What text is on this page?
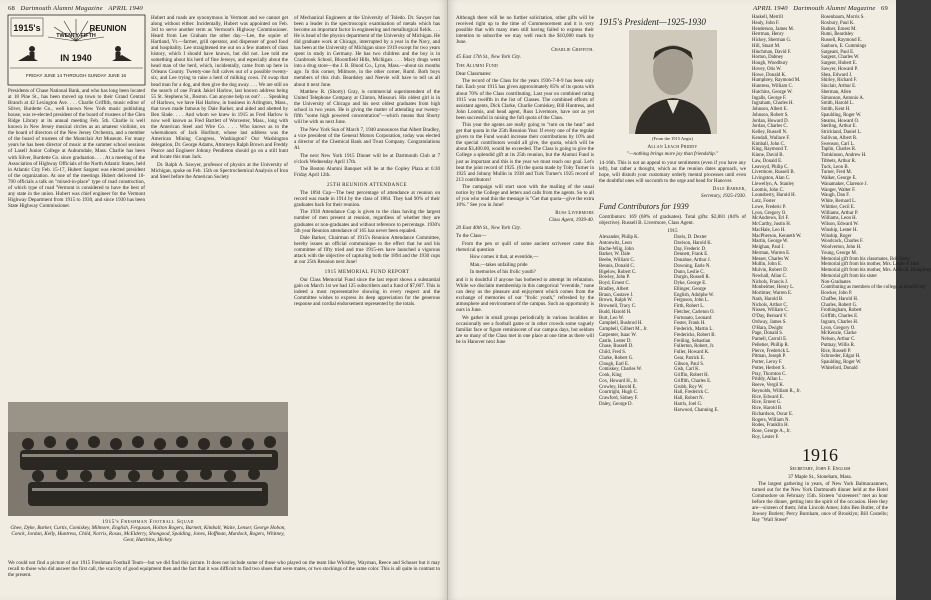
68 Dartmouth Alumni Magazine APRIL 1940
1915's
TWENTY-FIFTH
REUNION
IN 1940
FRIDAY JUNE 14 THROUGH SUNDAY JUNE 16

Presidents of Chase National Bank, and who has long been located at 18 Pine St., has been moved up town to their Grand Central Branch at 42 Lexington Ave. . . . Charlie Griffith, music editor of Silver, Burdette Co., well known New York music publishing house, was re-elected president of the board of trustees of the Glen Ridge Library at its annual meeting Feb. 5th. Charlie is well known in New Jersey musical circles as an amateur violinist, on the board of directors of the New Jersey Orchestra, and a member of the board of trustees of the Montclair Art Museum. For many years he has been director of music at the summer school sessions of Lasell Junior College at Auburndale, Mass. Charlie has been with Silver, Burdette Co. since graduation. . . . At a meeting of the Association of Highway Officials of the North Atlantic States, held in Atlantic City Feb. 15-17, Hubert Sargent was elected president of the organization. At one of the meetings Hubert delivered 10-700 officials a talk on "mixed-in-place" type of road construction, of which type of road 'Vermont is considered to have the best of any state in the union. Hubert was chief engineer for the Vermont Highway Department from 1915 to 1930, and since 1930 has been State Highway Commissioner.

Hubert and roads are synonymous in Vermont and we cannot get along without either. Incidentally, Hubert was appointed on Feb. 3rd to serve another term as Vermont's Highway Commissioner. Heard from Lee Graham the other day.—Lee, the squire of Hartland, Vt.—farmer, grill operator, and dispenser of good food and hospitality. Lee straightened me out on a few matters of class history, which I should have known, but did not. Lee told me something about his herd of fine Jerseys, and especially about the head man of the herd, which, incidentally, came from up here in Orleans County. Twenty-one full calves out of a possible twenty-six, and Lee trying to raise a herd of milking cows. I'd swap that head man for a dog, and then give the dog away. . . . We are still on the search of one Frank Jakiel Harlow, last known address being 55 St. Stephens St., Boston. Can anyone help us out? . . . Speaking of Harlows, we have Hal Harlow, in business in Arlington, Mass., that town made famous by Dale Barker, and aided and abetted by Ben Slade. . . . And whom we knew in 1915 as Fred Harlow is now well known as Fred Bartlett of Worcester, Mass., long with the American Steel and Wire Co. . . . Who knows as to the whereabouts of Jack Hurlburt, whose last address was the American Mining Congress, Washington? Our Washington delegation, Dr. George Adams, Attorneys Ralph Brown and Freddy Pearce and Engineer Johnny Pendleton should go on a still hunt and locate this man Jack.

Dr. Ralph A. Sawyer, professor of physics at the University of Michigan, spoke on Feb. 15th on Spectrochemical Analysis of Iron and Steel before the American Society

of Mechanical Engineers at the University of Toledo. Dr. Sawyer has been a leader in the spectroscopic examination of metals which has become an important factor in engineering and metallurgical fields. . . . He is head of the physics department of the University of Michigan. He did graduate work at Chicago, interrupted by a year in the Navy, and has been at the University of Michigan since 1919 except for two years spent in study in Germany. He has two children and the boy is in Cranbrook School, Bloomfield Hills, Michigan. . . . Macy drugs went into a drug store—the J. B. Blood Co., Lynn, Mass.—about six months ago. In this corner, Milmore, in the other corner, Ruml. Both boys members of this club. Beardsley and Neevie will have to tell us all about it next June.

Matthew R. (Shorty) Gray, is commercial superintendent of the United Telephone Company at Clinton, Missouri. His oldest girl is in the University of Chicago and his next oldest graduates from high school in two years. He is giving the matter of attending our twenty-fifth "some high powered concentration"—which means that Shorty will be with us next June.

The New York Sun of March 7, 1940 announces that Albert Bradley, a vice president of the General Motors Corporation, today was elected a director of the Chemical Bank and Trust Company. Congratulations Al.

The next New York 1915 Dinner will be at Dartmouth Club at 7 o'clock Wednesday April 17th.

The Boston Alumni Banquet will be at the Copley Plaza at 6:30 Friday April 12th.

25TH REUNION ATTENDANCE

The 1894 Cup—The best percentage of attendance at reunion on record was made in 1914 by the class of 1864. They had 90% of their graduates back for their reunion.

The 1930 Attendance Cup is given to the class having the largest number of men present at reunion, regardless of whether they are graduates or non-graduates and without reference to percentage. 1930's 5th year Reunion attendance of 165 has never been equaled.

Dale Barker, Chairman of 1915's Reunion Attendance Committee, hereby issues an official communique to the effect that he and his committee of fifty tried and true 1915-ers have launched a vigorous attack with the objective of capturing both the 1894 and the 1930 cups at our 25th Reunion next June!

1915 MEMORIAL FUND REPORT

Our Class Memorial Fund since the last report shows a substantial gain on March 1st we had 125 subscribers and a fund of $7,607. This is indeed a most representative showing in every respect and the Committee wishes to express its deep appreciation for the generous response and cordial endorsement represented by the totals.

1915's Freshman Football Squad
Ghee, Dyke, Barker, Curtis, Comiskey, Milmore, English, Ferguson, Holton Rogers, Burnett, Kimball, Waite, Lenser, George Hobon, Conck, Jordan, Kelly, Huntress, Child, Norris, Rosas, McElderry, Shongood, Spalding, Jones, Hoffman, Murdock, Rogers, Whitney, Gear, Hutchins, Hickey.
We could not find a picture of our 1915 Freshman Football Team—but we did find this picture. It does not include some of those who played on the team like Whistley, Wayman, Reece and Schuser but it may recall to those who did answer the first call, the scarcity of good equipment then and the fact that it was difficult to find two shoes that were mates, or two stockings of the same color. This is all quite in contrast to the present.
APRIL 1940 Dartmouth Alumni Magazine 69

Although there will be no further solicitation, other gifts will be received right up to the time of Commencement and it is very possible that with many men still having failed to express their intention to subscribe we may well reach the $10,000 mark by June.

Charlie Griffith.

45 East 17th St., New York City.

The Alumni Fund

Dear Classmates:

The record of the Class for the years 1936-7-8-9 has been only fair. Each year 1915 has given approximately 85% of its quota with about 70% of the Class contributing. Last year on combined rating 1915 was twelfth in the list of Classes. The combined efforts of assistant agents, Dick Clarke, Charlie Comiskey, Bill Huntress, and John Loomis, and head agent, Russ Livermore, have not as yet been successful in raising the full quota of the Class.

This year the agents are really going to "turn on the heat" and get that quota in the 25th Reunion Year. If every one of the regular givers to the Fund would increase their contributions by 10% and the special contributors would all give, the quota, which will be about $3,400.00, would be exceeded. The Class is going to give the College a splendid gift at its 25th reunion, but the Alumni Fund is just as important and this is the year we must reach our goal. Let's beat the joint record of 1925. (6) the quota made by Toby Turner in 1925 and Johnny Mullin in 1938 and Turk Turner's 1925 record of 213 contributors!

The campaign will start soon with the mailing of the usual notice by the College and letters and calls from the agents. So to all of you who read this the message is "Get that quota—give the extra 10%." See you in June!

Russ Livermore

Class Agent, 1939-40.

20 East 40th St., New York City.

To the Class—

From the pen or quill of some ancient scrivener came this rhetorical question

How comes it that, at eventide,—

Man,—takes unfailing pride

In memories of his frolic youth?

and it is doubtful if anyone has bothered to attempt its refutation. While we disclaim membership in this categorical "eventide," none can deny us the pleasure and enjoyment which comes from the exchange of memories of our "frolic youth," refreshed by the atmosphere and environment of the campus. Such an opportunity is ours in June.

We gather in small groups periodically in various localities or occasionally see a football game or in other crowds some vaguely familiar face or figure reminiscent of our campus days, but seldom are so many of the Class met in one place at one time as there will be in Hanover next June

1915's President—1925-1930

(From the 1915 Aegis)

Allan Leach Priddy

"—nothing brings more joy than friendship."

14-16th. This is not an appeal to your sentiments (even if you have any left), but rather a thought, which as the reunion dates approach, we hope, will disturb your customary orderly mental processes until even the doubtful ones will succumb to the urge and head for Hanover.

Dale Barker,

Secretary, 1925-1930.

Fund Contributors for 1939

Contributors: 169 (68% of graduates). Total gifts: $2,881 (84% of objective). Russell B. Livermore, Class Agent.

1915

Alexander, Philip K.
Antonwitz, Leon
Bache-Wiig, John
Barker, W. Dale
Beebe, William C.
Bennis, Donald C.
Bigelow, Robert C.
Bowley, John P.
Boyd, Ernest C.
Bradley, Albert
Braun, Gustave J.
Brown, Ralph W.
Brownell, Tracy C.
Budd, Harold H.
Burt, Leo W.
Campbell, Bushrod H.
Campbell, Gilbert M., Jr.
Carpenter, Isaac W.
Castle, Lester D.
Chase, Russell D.
Child, Fred S.
Clarke, Robert G.
Clough, Earl E.
Comiskey, Charles W.
Cook, King
Cox, Howard H., Jr.
Crowley, Harold E.
Courtright, Hugh C.
Crawford, Sidney F.
Daley, George D.
Davis, D. Dexter
Davison, Harold K.
Day, Frederic D.
Dennett, Frank E.
Donahue, Arthur J.
Downing, Earle N.
Dunn, Leslie C.
Durgin, Russell R.
Dyke, George E.
Ellinger, George
English, Adolphe W.
Ferguson, John L.
Firth, Robert L.
Fletcher, Carleton O.
Fortunato, Leonard
Foster, Frank H.
Frederick, Martin L.
Fredericks, Robert B.
Freiling, Sebastian
Fullerton, Robert, Jr.
Fuller, Howard K.
Gear, Patrick E.
Gibson, Paul S.
Gish, Carl K.
Griffin, Robert H.
Griffith, Charles E.
Grubb, Roy W.
Hall, Frederick C.
Hall, Robert N.
Harris, Joel G.
Harwood, Channing E.
Haskell, Merrill
Healy, John F.
Henderson, James M.
Herrman, Henry
Hickey, Sherman G.
Hill, Stuart M.
Hinchman, David F.
Horton, Dabney
Hough, Woodbury
Hovey, Otis W.
Howe, Donald K.
Humphrey, Raymond M.
Huntress, William C.
Hutchins, George W.
Ingalls, George F.
Ingraham, Charles H.
Johnson, Albert E.
Johnson, Robert S.
Jordan, Howard D.
Jordan, Charles C.
Kelley, Russell N.
Kendall, Wallace F.
Kimball, John C.
King, Raymond T.
Kinne, David B.
Law, Donald E.
Leavoyd, Philip C.
Livermore, Russell B.
Livingston, Alan C.
Llewellyn, A. Stanley
Loomis, John C.
Lounsberry, Harold H.
Lutz, Foster
Lowe, Frederic P.
Lyon, Gregory O.
McAndrews, Erl F.
McCarthy, Justin H.
MacHale, Leo H.
MacPherson, Kenneth W.
Martin, George W.
Meighan, Paul J.
Merman, Warren E.
Messer, Charles W.
Mullin, John E.
Mulvin, Robert D.
Newhall, Allan C.
Nichols, Francis J.
Monheimer, Henry L.
Mortimer, Warren E.
Nash, Harold B.
Nichols, Arthur C.
Nissen, William C.
O'Day, Bernard V.
Ordway, James S.
O'Hara, Dwight
Page, Donald S.
Parnell, Carroll E.
Pelletier, Phillip R.
Pierce, Frederick L.
Pitman, Joseph P.
Porter, Leroy F.
Potter, Herbert S.
Pray, Thornton C.
Priddy, Allan L.
Reeve, Vergil K.
Reynolds, William R., Jr.
Rice, Edward E.
Rice, Ernest G.
Rice, Harold B.
Richardson, Oscar E.
Rogers, William N.
Rodes, Franklin H.
Rose, George A., Jr.
Roy, Lester F.
Rosenbaum, Morris S.
Roxbury, Paul K.
Rudner, Ernest M.
Rumi, Beardsley
Russell, Raymond E.
Sanborn, E. Cummings
Sargeant, Paul E.
Sargent, Charles W.
Sargent, Hubert E.
Sawyer, Howard P.
Shea, Edward J.
Shirley, Richard F.
Sinclair, Arthur E.
Sherman, Allen
Simonson, Antonio A.
Smith, Harold L.
Smith, Kent H.
Spaulding, Roger W.
Stearns, Howard O.
Sterling, Arthur E.
Strickland, Daniel L.
Sullivan, Albert R.
Swenson, Carl L.
Taplin, Charles R.
Tomkinson, Andrew H.
Tibbets, Arthur R.
Tuck, Leon B.
Turner, Fred M.
Walker, George E.
Wanamaker, Clarence J.
Wanger, Walter F.
Waugh, Dan F.
White, Bernard L.
Whittier, Cecil E.
Williams, Arthur P.
Williams, Leon H.
Wilson, Edward W.
Winship, Lester H.
Winship, Roger
Woodcock, Charles F.
Woolverton, John H.
Young, George M.
Memorial gift from his classmates, Bob Seely
Memorial gift from his mother, Mrs. Lester P. Hall
Memorial gift from his mother, Mrs. Alida H. Humphrey
Memorial gift from his sister
Non-Graduates
Contributing as members of the college as beneficiary
Bowker, John P.
Chaffee, Harold H.
Charles, Robert G.
Frothingham, Robert
Griffith, Charles E.
Ingram, Charles H.
Lyon, Gregory O.
McKenzie, Clarke
Nelson, Arthur C.
Puttnay, Willis R.
Rice, Russell P.
Schroeder, Edgar H.
Spaulding, Roger W.
Whiteford, Donald

1916

Secretary, John F. English

37 Maple St., Stoneham, Mass.

The largest gathering in years, of New York Balmacaanners, turned out for the New York Dartmouth dinner held at the Hotel Commodore on February 15th. Sixteen "sixteeners" met an hour before the dinner, getting into the spirit of the occasion. Here they are—sixteen of them; John Lincoln Ames; John Ben Butler, of the Jowsey Butlers; Percy Burnham, once of Brooklyn; Bill Costello; Ray "Wall Street"
